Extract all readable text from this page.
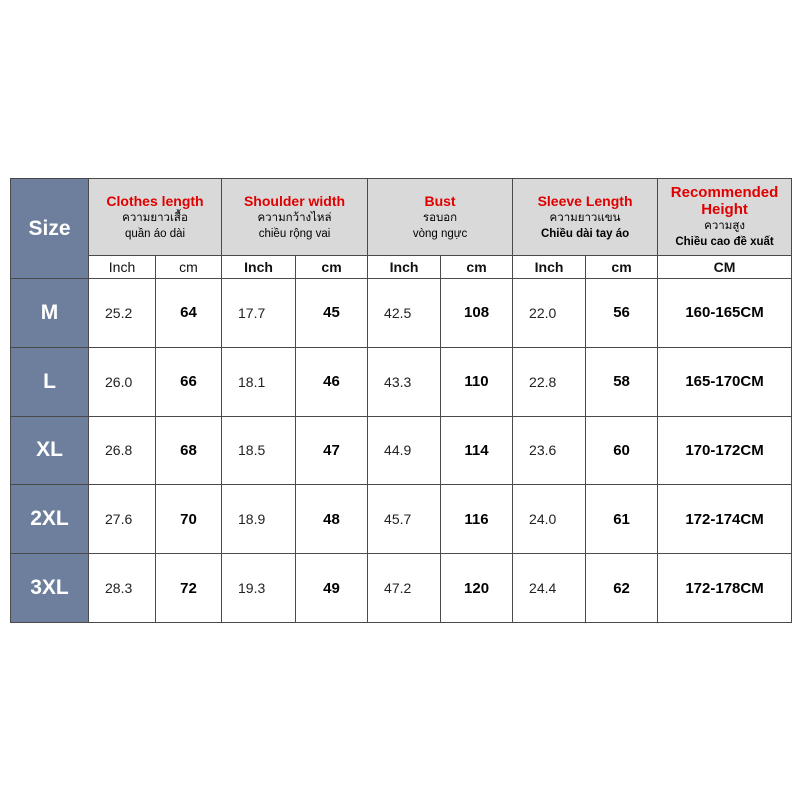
Size	Clothes length
ความยาวเสื้อ
quần áo dài		Shoulder width
ความกว้างไหล่
chiều rộng vai		Bust
รอบอก
vòng ngực		Sleeve Length
ความยาวแขน
Chiều dài tay áo		Recommended Height
ความสูง
Chiều cao đề xuất

	Inch	cm	Inch	cm	Inch	cm	Inch	cm	CM
M	25.2	64	17.7	45	42.5	108	22.0	56	160-165CM
L	26.0	66	18.1	46	43.3	110	22.8	58	165-170CM
XL	26.8	68	18.5	47	44.9	114	23.6	60	170-172CM
2XL	27.6	70	18.9	48	45.7	116	24.0	61	172-174CM
3XL	28.3	72	19.3	49	47.2	120	24.4	62	172-178CM
